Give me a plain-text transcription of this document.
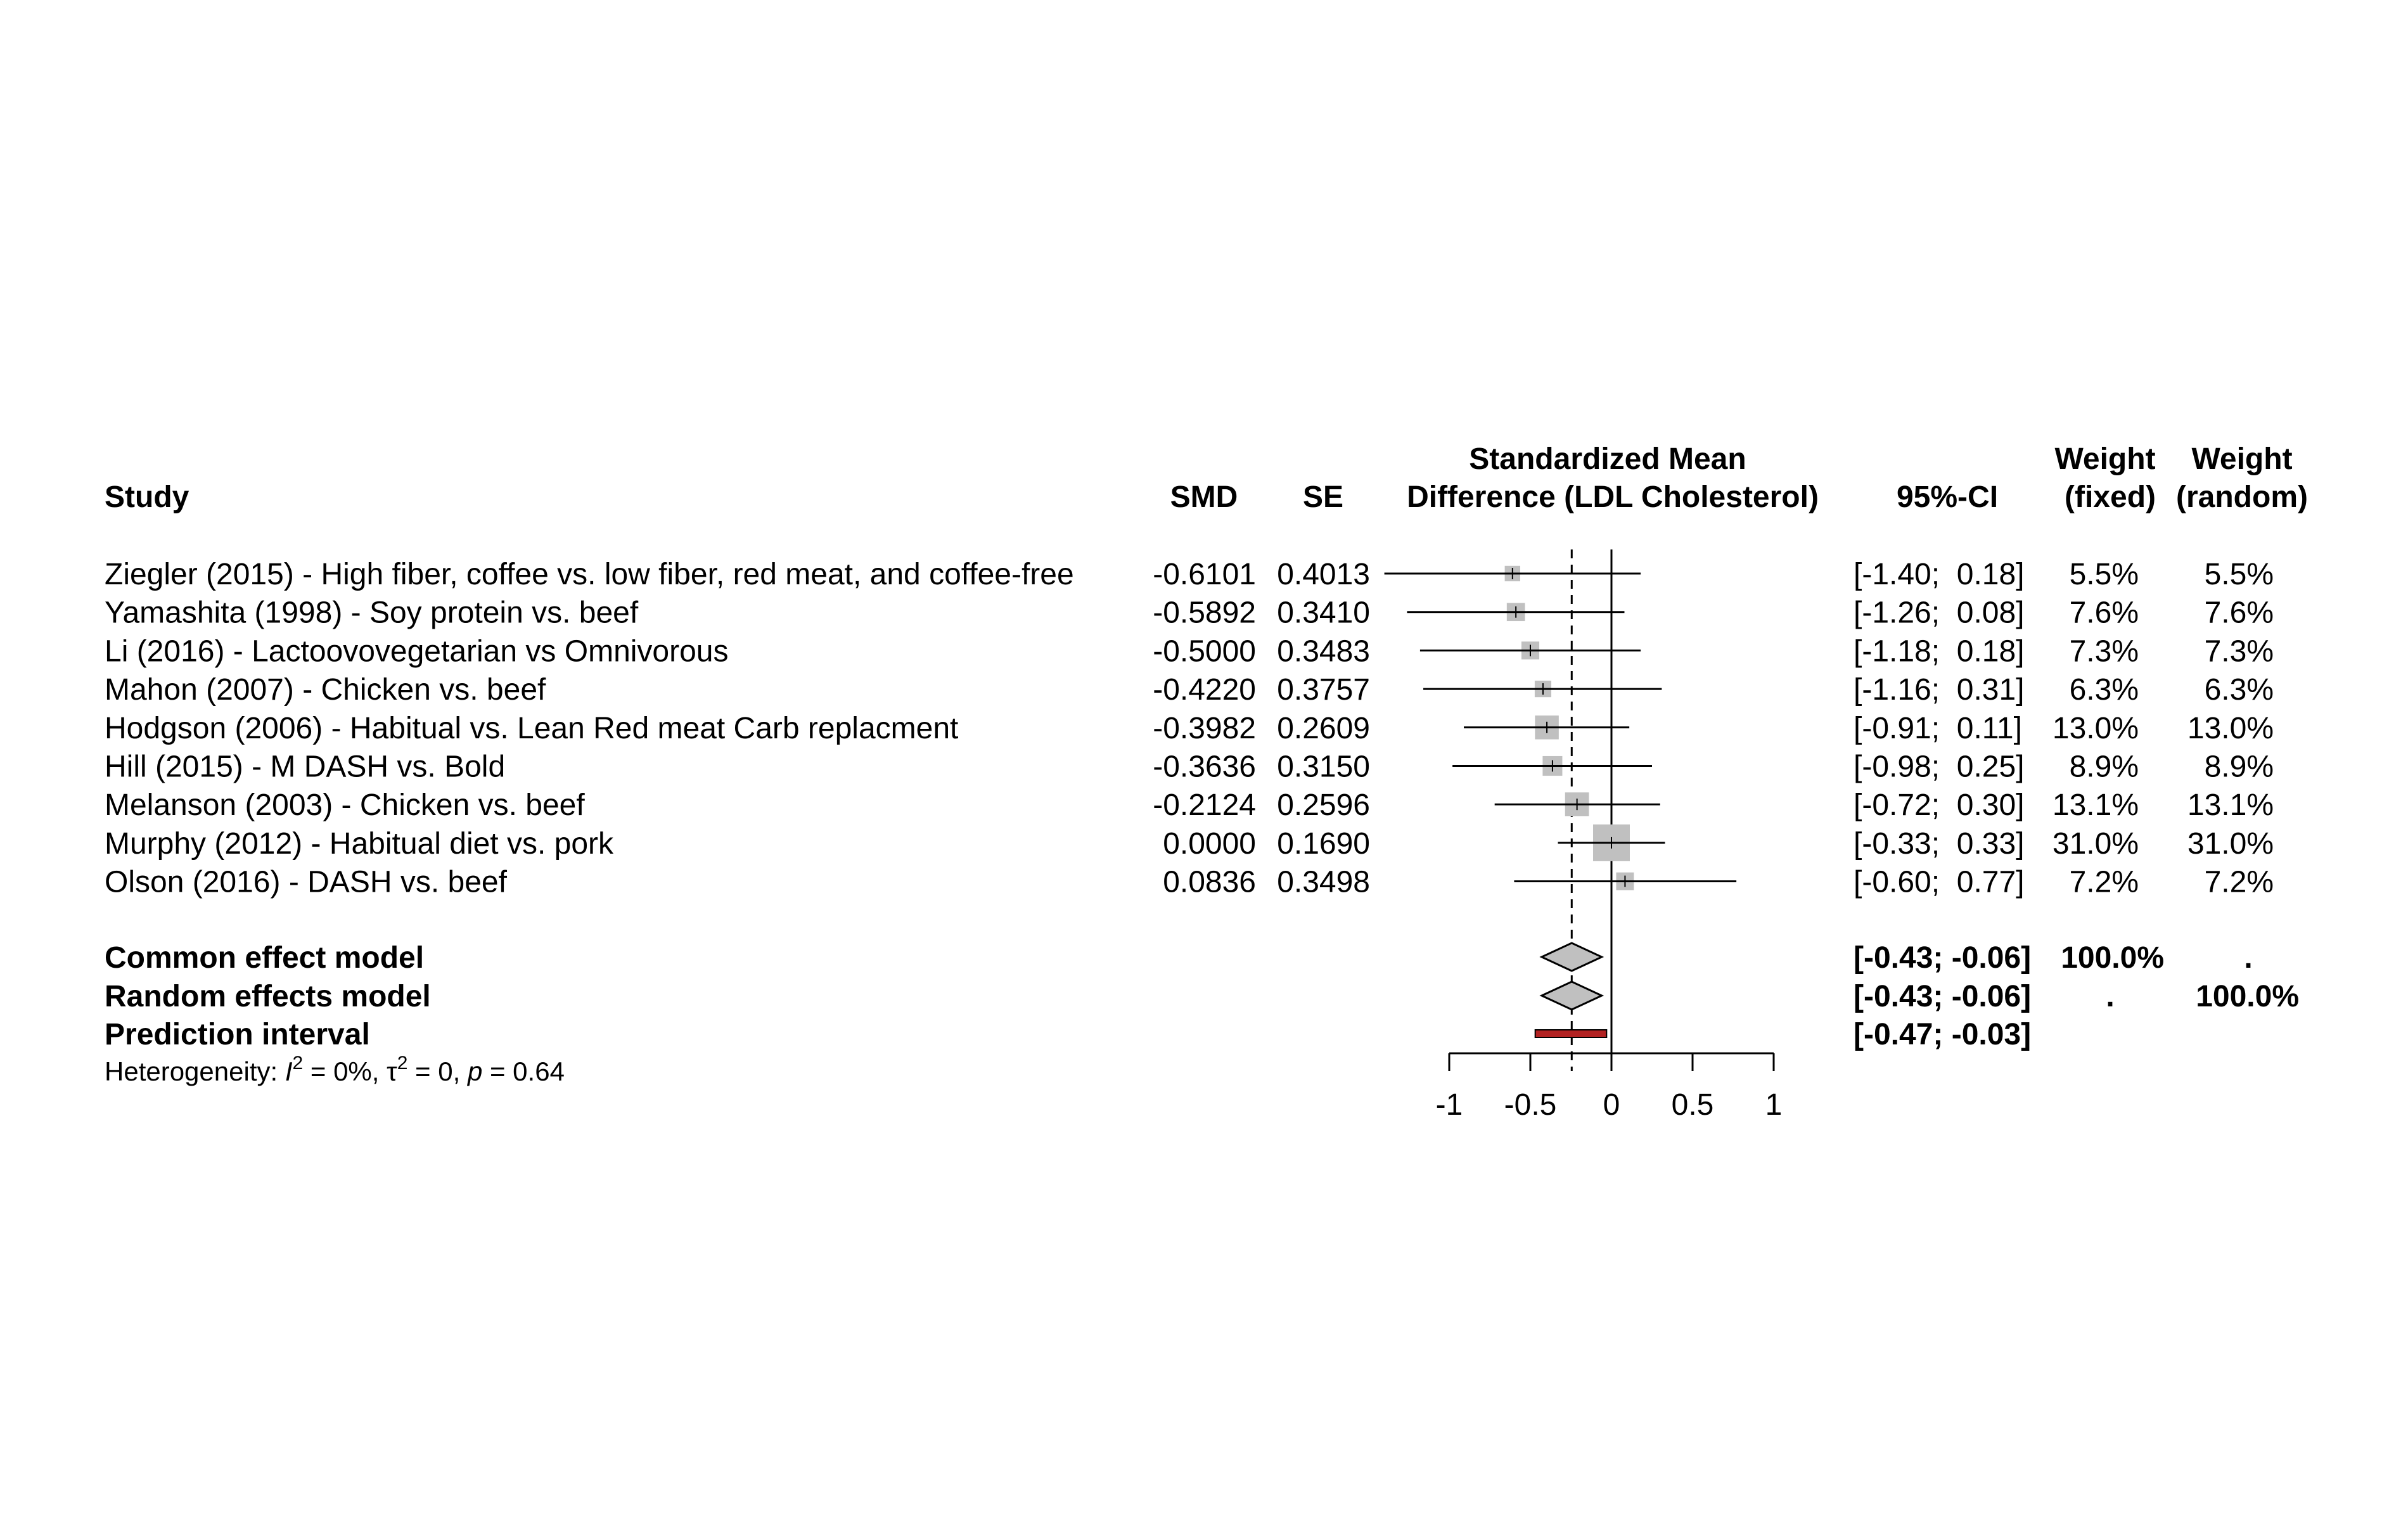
Study	SMD SE
Standardized Mean
Difference (LDL Cholesterol)	95%-CI
Weight
(fixed)
Weight
(random)
Ziegler (2015) - High fiber, coffee vs. low fiber, red meat, and coffee-free	-0.6101 0.4013	[-1.40;  0.18] 5.5% 5.5%
Yamashita (1998) - Soy protein vs. beef	-0.5892 0.3410	[-1.26;  0.08] 7.6% 7.6%
Li (2016) - Lactoovovegetarian vs Omnivorous	-0.5000 0.3483	[-1.18;  0.18] 7.3% 7.3%
Mahon (2007) - Chicken vs. beef	-0.4220 0.3757	[-1.16;  0.31] 6.3% 6.3%
Hodgson (2006) - Habitual vs. Lean Red meat Carb replacment	-0.3982 0.2609	[-0.91;  0.11] 13.0% 13.0%
Hill (2015) - M DASH vs. Bold	-0.3636 0.3150	[-0.98;  0.25] 8.9% 8.9%
Melanson (2003) - Chicken vs. beef	-0.2124 0.2596	[-0.72;  0.30] 13.1% 13.1%
Murphy (2012) - Habitual diet vs. pork	0.0000 0.1690	[-0.33;  0.33] 31.0% 31.0%
Olson (2016) - DASH vs. beef	0.0836 0.3498	[-0.60;  0.77] 7.2% 7.2%
Common effect model	[-0.43; -0.06] 100.0%	.
Random effects model	[-0.43; -0.06] .	100.0%
Prediction interval	[-0.47; -0.03]
-1 -0.5 0 0.5 1
Heterogeneity: $I^2 = 0\%$, $\tau^2 = 0$, p = 0.64
